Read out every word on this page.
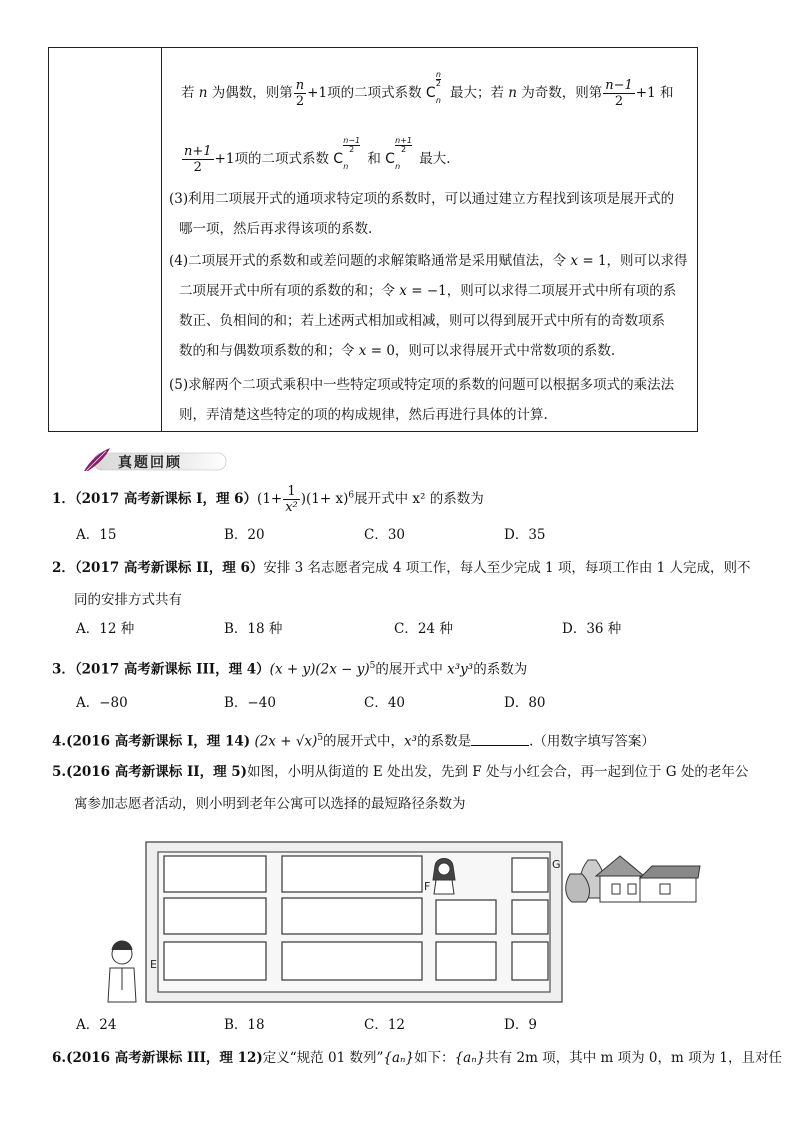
若 n 为偶数，则第 $\frac{n}{2} +1$项的二项式系数 C
n
2
n 最大；若 n 为奇数，则第 $\frac{n-1}{2} +1$ 和
$\frac{n+1}{2} +1$项的二项式系数 C
n−1
2
n 和 C
n+1
2
n 最大.
(3)利用二项展开式的通项求特定项的系数时，可以通过建立方程找到该项是展开式的
哪一项，然后再求得该项的系数.
(4)二项展开式的系数和或差问题的求解策略通常是采用赋值法，令 x = 1，则可以求得
二项展开式中所有项的系数的和；令 x = −1，则可以求得二项展开式中所有项的系
数正、负相间的和；若上述两式相加或相减，则可以得到展开式中所有的奇数项系
数的和与偶数项系数的和；令 x = 0，则可以求得展开式中常数项的系数.
(5)求解两个二项式乘积中一些特定项或特定项的系数的问题可以根据多项式的乘法法
则，弄清楚这些特定的项的构成规律，然后再进行具体的计算.
真题回顾
1．（2017 高考新课标 I，理 $6)(1+ \frac{1}{\text{x²}} )(1+ x)^6$展开式中 x² 的系数为
A．15	B．20	C．30	D．35
2．（2017 高考新课标 II，理 6）安排 3 名志愿者完成 4 项工作，每人至少完成 1 项，每项工作由 1 人完成，则不
同的安排方式共有
A．12 种	B．18 种	C．24 种	D．36 种
3．（2017 高考新课标 III，理 $4)(x + y)(2x - y)^5$的展开式中 x³y³的系数为
A．−80	B．−40	C．40	D．80
4.(2016 高考新课标 I，理 14) $(2x + √x)^5$的展开式中，x³的系数是	.（用数字填写答案）
5.(2016 高考新课标 II，理 5)如图，小明从街道的 E 处出发，先到 F 处与小红会合，再一起到位于 G 处的老年公
寓参加志愿者活动，则小明到老年公寓可以选择的最短路径条数为
E
F
G
A．24	B．18	C．12	D．9
6.(2016 高考新课标 III，理 12)定义“规范 01 数列”{aₙ}如下：{aₙ}共有 2m 项，其中 m 项为 0，m 项为 1，且对任
